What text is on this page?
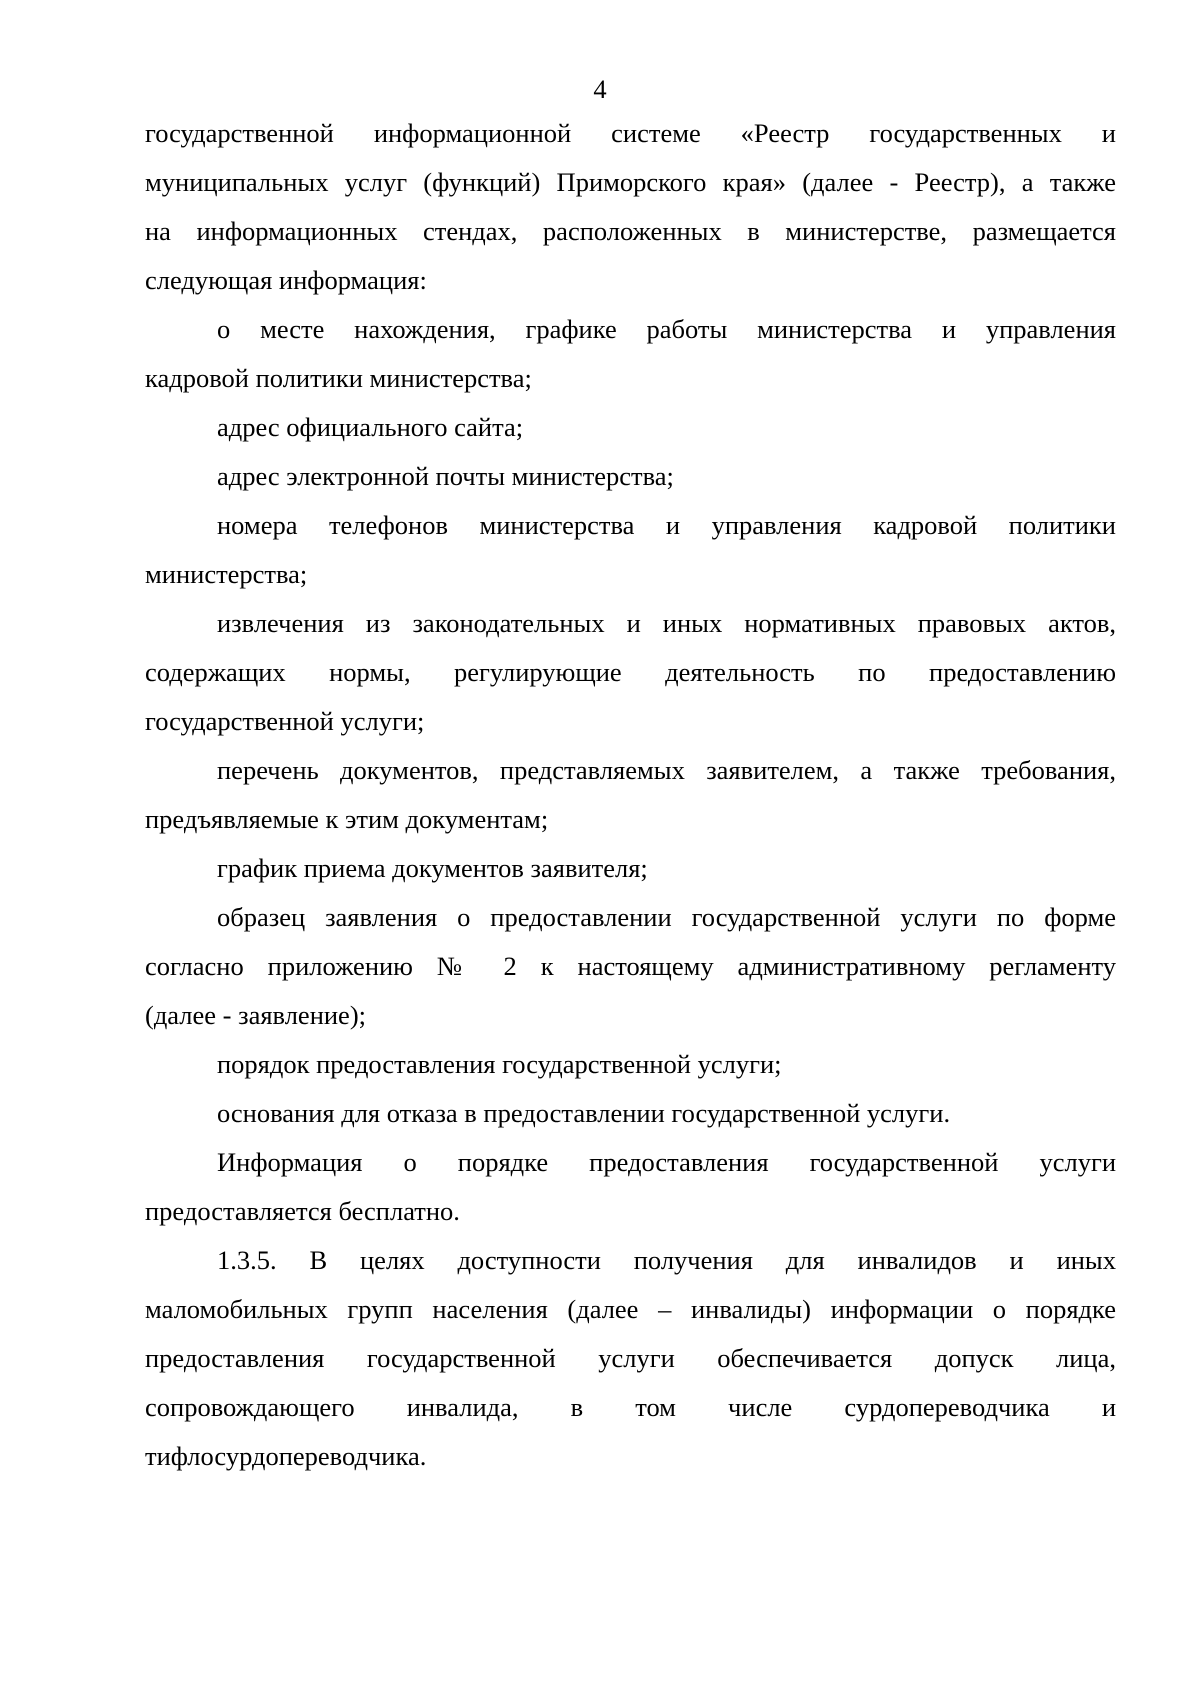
4

государственной информационной системе «Реестр государственных и
муниципальных услуг (функций) Приморского края» (далее - Реестр), а также
на информационных стендах, расположенных в министерстве, размещается
следующая информация:
о месте нахождения, графике работы министерства и управления
кадровой политики министерства;
адрес официального сайта;
адрес электронной почты министерства;
номера телефонов министерства и управления кадровой политики
министерства;
извлечения из законодательных и иных нормативных правовых актов,
содержащих нормы, регулирующие деятельность по предоставлению
государственной услуги;
перечень документов, представляемых заявителем, а также требования,
предъявляемые к этим документам;
график приема документов заявителя;
образец заявления о предоставлении государственной услуги по форме
согласно приложению № 2 к настоящему административному регламенту
(далее - заявление);
порядок предоставления государственной услуги;
основания для отказа в предоставлении государственной услуги.
Информация о порядке предоставления государственной услуги
предоставляется бесплатно.
1.3.5. В целях доступности получения для инвалидов и иных
маломобильных групп населения (далее – инвалиды) информации о порядке
предоставления государственной услуги обеспечивается допуск лица,
сопровождающего инвалида, в том числе сурдопереводчика и
тифлосурдопереводчика.
